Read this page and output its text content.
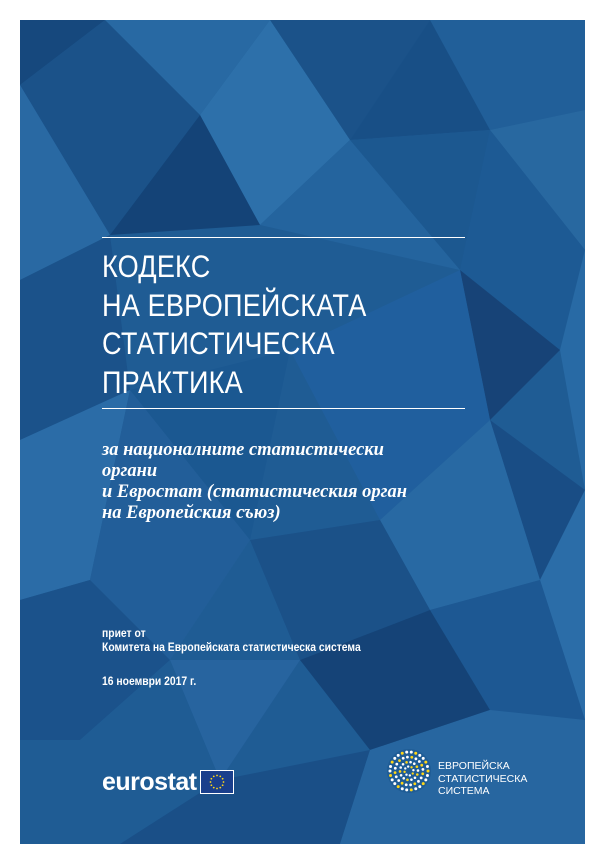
КОДЕКС
НА ЕВРОПЕЙСКАТА
СТАТИСТИЧЕСКА
ПРАКТИКА
за националните статистически
органи
и Евростат (статистическия орган
на Европейския съюз)
приет от
Комитета на Европейската статистическа система
16 ноември 2017 г.
eurostat
ЕВРОПЕЙСКА
СТАТИСТИЧЕСКА
СИСТЕМА
